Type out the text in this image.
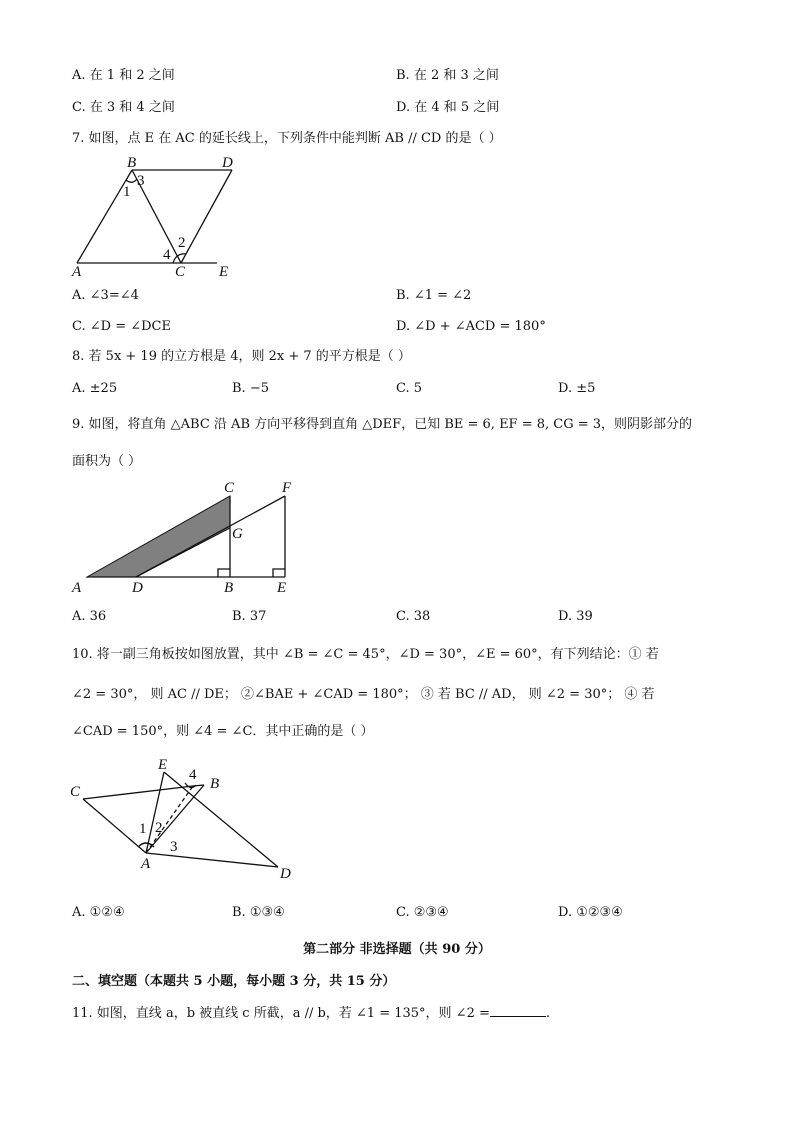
A. 在 1 和 2 之间	B. 在 2 和 3 之间
C. 在 3 和 4 之间	D. 在 4 和 5 之间
7. 如图，点 E 在 AC 的延长线上，下列条件中能判断 AB // CD 的是（ ）
B	D
A	C E
1
3
2
4
A. ∠3=∠4	B. ∠1 = ∠2
C. ∠D = ∠DCE	D. ∠D + ∠ACD = 180°
8. 若 5x + 19 的立方根是 4，则 2x + 7 的平方根是（ ）
A. ±25	B. −5	C. 5	D. ±5
9. 如图，将直角 △ABC 沿 AB 方向平移得到直角 △DEF，已知 BE = 6, EF = 8, CG = 3，则阴影部分的
面积为（ ）
C	F
G
A	D	B	E
A. 36	B. 37	C. 38	D. 39
10. 将一副三角板按如图放置，其中 ∠B = ∠C = 45°，∠D = 30°，∠E = 60°，有下列结论：① 若
∠2 = 30°， 则 AC // DE； ②∠BAE + ∠CAD = 180°； ③ 若 BC // AD， 则 ∠2 = 30°； ④ 若
∠CAD = 150°，则 ∠4 = ∠C．其中正确的是（ ）
E
4
B
C
1 2
3
A
D
A. ①②④	B. ①③④	C. ②③④	D. ①②③④
第二部分 非选择题（共 90 分）
二、填空题（本题共 5 小题，每小题 3 分，共 15 分）
11. 如图，直线 a，b 被直线 c 所截，a // b，若 ∠1 = 135°，则 ∠2 =	.
